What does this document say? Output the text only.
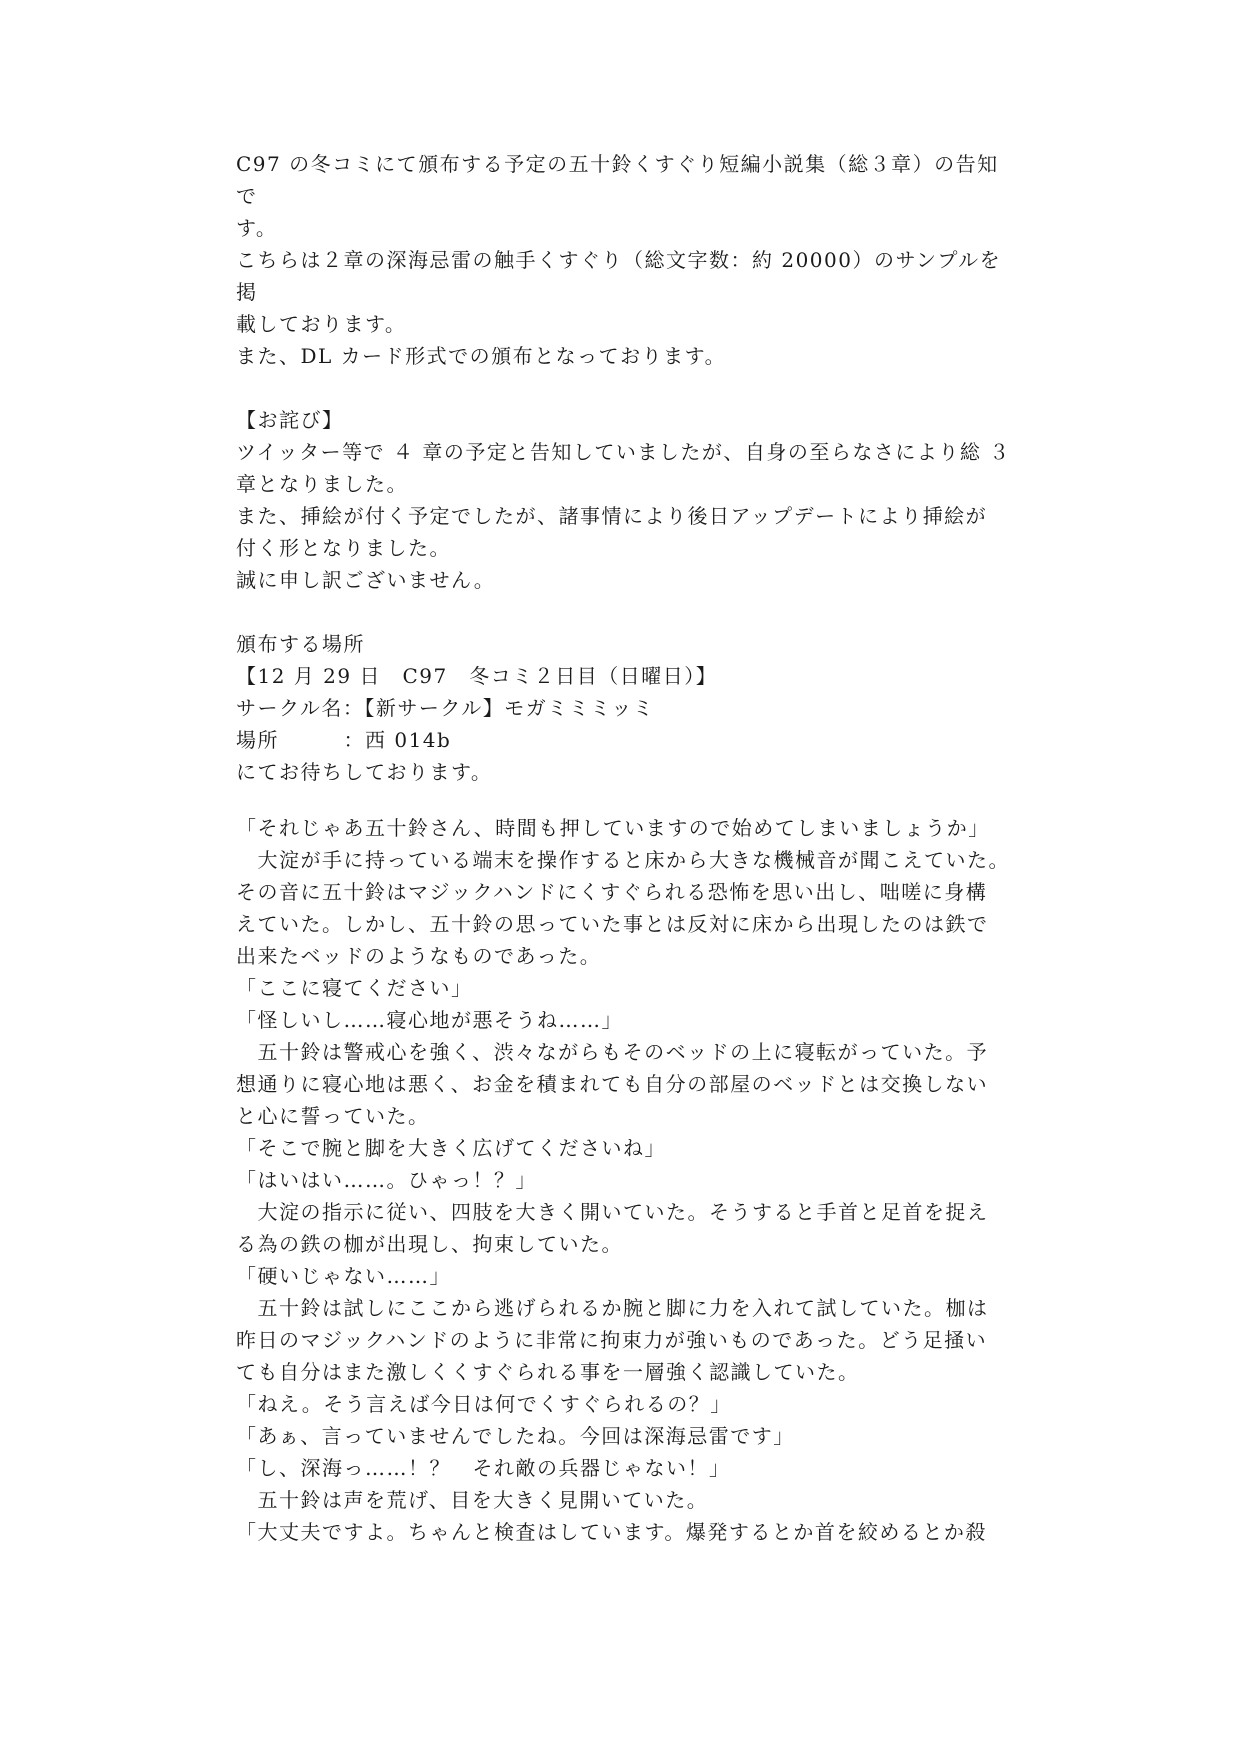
C97 の冬コミにて頒布する予定の五十鈴くすぐり短編小説集（総３章）の告知で

す。

こちらは２章の深海忌雷の触手くすぐり（総文字数：約 20000）のサンプルを掲

載しております。

また、DL カード形式での頒布となっております。

【お詫び】

ツイッター等で ４ 章の予定と告知していましたが、自身の至らなさにより総 ３

章となりました。

また、挿絵が付く予定でしたが、諸事情により後日アップデートにより挿絵が

付く形となりました。

誠に申し訳ございません。

頒布する場所

【12 月 29 日　C97　冬コミ２日目（日曜日）】

サークル名：【新サークル】モガミミミッミ

場所　　　：西 014b

にてお待ちしております。

「それじゃあ五十鈴さん、時間も押していますので始めてしまいましょうか」

　大淀が手に持っている端末を操作すると床から大きな機械音が聞こえていた。

その音に五十鈴はマジックハンドにくすぐられる恐怖を思い出し、咄嗟に身構

えていた。しかし、五十鈴の思っていた事とは反対に床から出現したのは鉄で

出来たベッドのようなものであった。

「ここに寝てください」

「怪しいし……寝心地が悪そうね……」

　五十鈴は警戒心を強く、渋々ながらもそのベッドの上に寝転がっていた。予

想通りに寝心地は悪く、お金を積まれても自分の部屋のベッドとは交換しない

と心に誓っていた。

「そこで腕と脚を大きく広げてくださいね」

「はいはい……。ひゃっ！？」

　大淀の指示に従い、四肢を大きく開いていた。そうすると手首と足首を捉え

る為の鉄の枷が出現し、拘束していた。

「硬いじゃない……」

　五十鈴は試しにここから逃げられるか腕と脚に力を入れて試していた。枷は

昨日のマジックハンドのように非常に拘束力が強いものであった。どう足掻い

ても自分はまた激しくくすぐられる事を一層強く認識していた。

「ねえ。そう言えば今日は何でくすぐられるの？」

「あぁ、言っていませんでしたね。今回は深海忌雷です」

「し、深海っ……！？　それ敵の兵器じゃない！」

　五十鈴は声を荒げ、目を大きく見開いていた。

「大丈夫ですよ。ちゃんと検査はしています。爆発するとか首を絞めるとか殺
